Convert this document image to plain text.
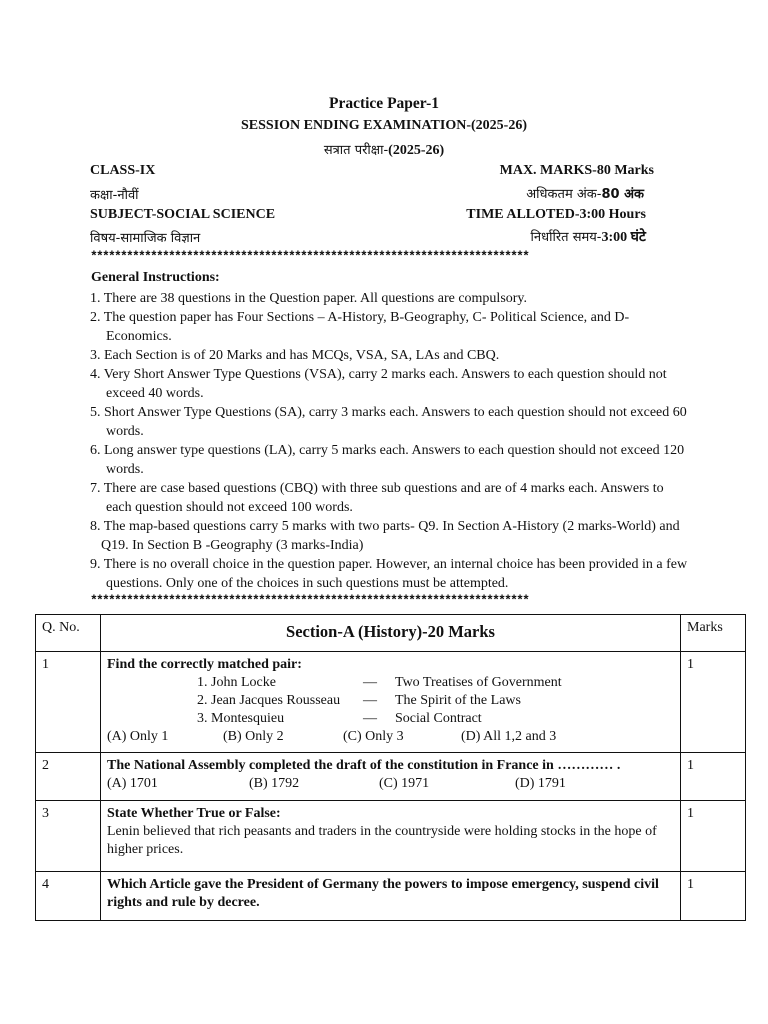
Practice Paper-1
SESSION ENDING EXAMINATION-(2025-26)
सत्रात परीक्षा-(2025-26)
CLASS-IX	MAX. MARKS-80 Marks
कक्षा-नौवीं	अधिकतम अंक-80 अंक
SUBJECT-SOCIAL SCIENCE	TIME ALLOTED-3:00 Hours
विषय-सामाजिक विज्ञान	निर्धारित समय-3:00 घंटे
*************************************************************************
General Instructions:
1. There are 38 questions in the Question paper. All questions are compulsory.
2. The question paper has Four Sections – A-History, B-Geography, C- Political Science, and D-Economics.
3. Each Section is of 20 Marks and has MCQs, VSA, SA, LAs and CBQ.
4. Very Short Answer Type Questions (VSA), carry 2 marks each. Answers to each question should not exceed 40 words.
5. Short Answer Type Questions (SA), carry 3 marks each. Answers to each question should not exceed 60 words.
6. Long answer type questions (LA), carry 5 marks each. Answers to each question should not exceed 120 words.
7. There are case based questions (CBQ) with three sub questions and are of 4 marks each. Answers to each question should not exceed 100 words.
8. The map-based questions carry 5 marks with two parts- Q9. In Section A-History (2 marks-World) and Q19. In Section B -Geography (3 marks-India)
9. There is no overall choice in the question paper. However, an internal choice has been provided in a few questions. Only one of the choices in such questions must be attempted.
*************************************************************************
Q. No.	Section-A (History)-20 Marks	Marks
1	Find the correctly matched pair:
1. John Locke — Two Treatises of Government
2. Jean Jacques Rousseau — The Spirit of the Laws
3. Montesquieu — Social Contract
(A) Only 1 (B) Only 2 (C) Only 3 (D) All 1,2 and 3	1
2	The National Assembly completed the draft of the constitution in France in ………… .
(A) 1701 (B) 1792 (C) 1971 (D) 1791	1
3	State Whether True or False:
Lenin believed that rich peasants and traders in the countryside were holding stocks in the hope of higher prices.	1
4	Which Article gave the President of Germany the powers to impose emergency, suspend civil rights and rule by decree.	1
